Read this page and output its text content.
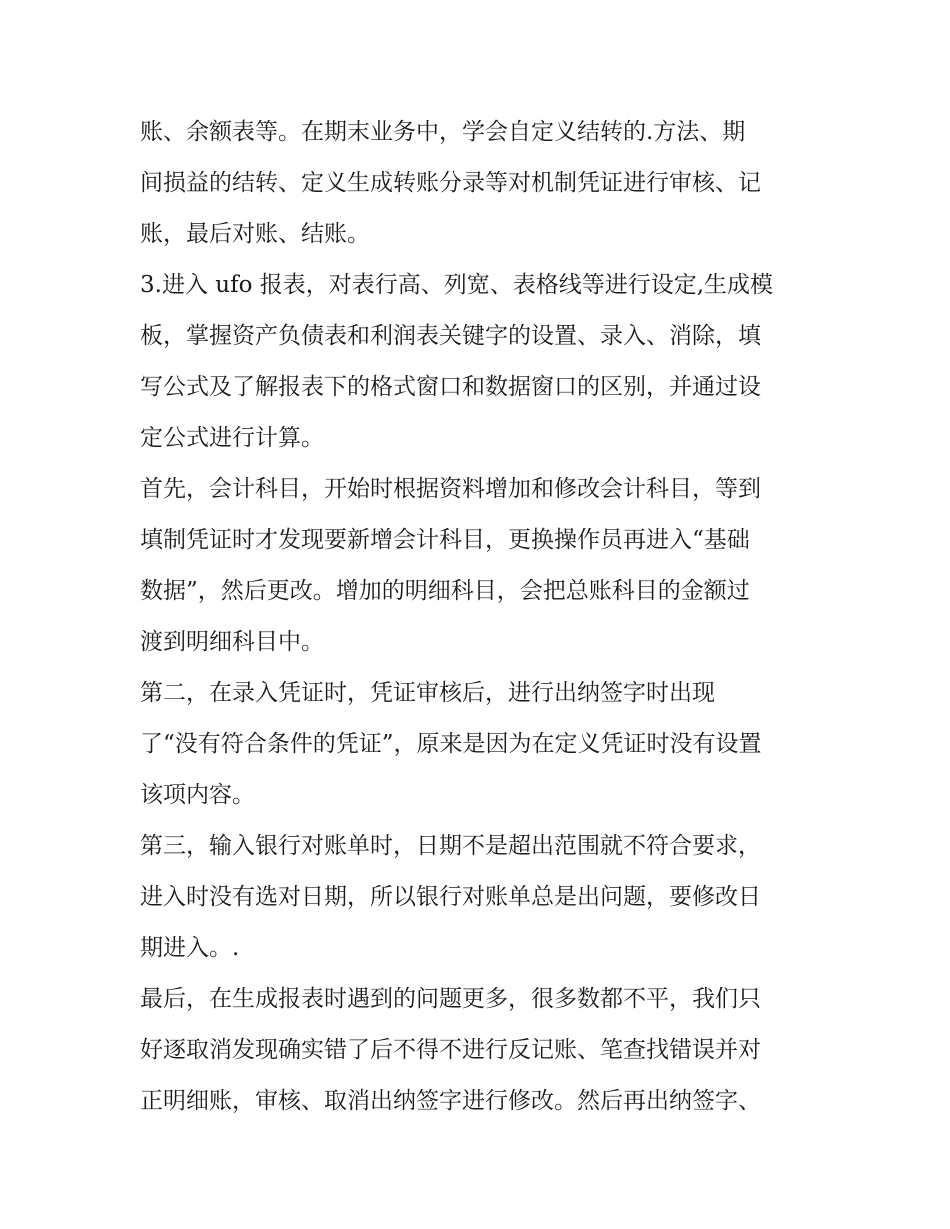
账、余额表等。在期末业务中，学会自定义结转的.方法、期
间损益的结转、定义生成转账分录等对机制凭证进行审核、记
账，最后对账、结账。
3.进入 ufo 报表，对表行高、列宽、表格线等进行设定,生成模
板，掌握资产负债表和利润表关键字的设置、录入、消除，填
写公式及了解报表下的格式窗口和数据窗口的区别，并通过设
定公式进行计算。
首先，会计科目，开始时根据资料增加和修改会计科目，等到
填制凭证时才发现要新增会计科目，更换操作员再进入“基础
数据”，然后更改。增加的明细科目，会把总账科目的金额过
渡到明细科目中。
第二，在录入凭证时，凭证审核后，进行出纳签字时出现
了“没有符合条件的凭证”，原来是因为在定义凭证时没有设置
该项内容。
第三，输入银行对账单时，日期不是超出范围就不符合要求，
进入时没有选对日期，所以银行对账单总是出问题，要修改日
期进入。.
最后，在生成报表时遇到的问题更多，很多数都不平，我们只
好逐取消发现确实错了后不得不进行反记账、笔查找错误并对
正明细账，审核、取消出纳签字进行修改。然后再出纳签字、
